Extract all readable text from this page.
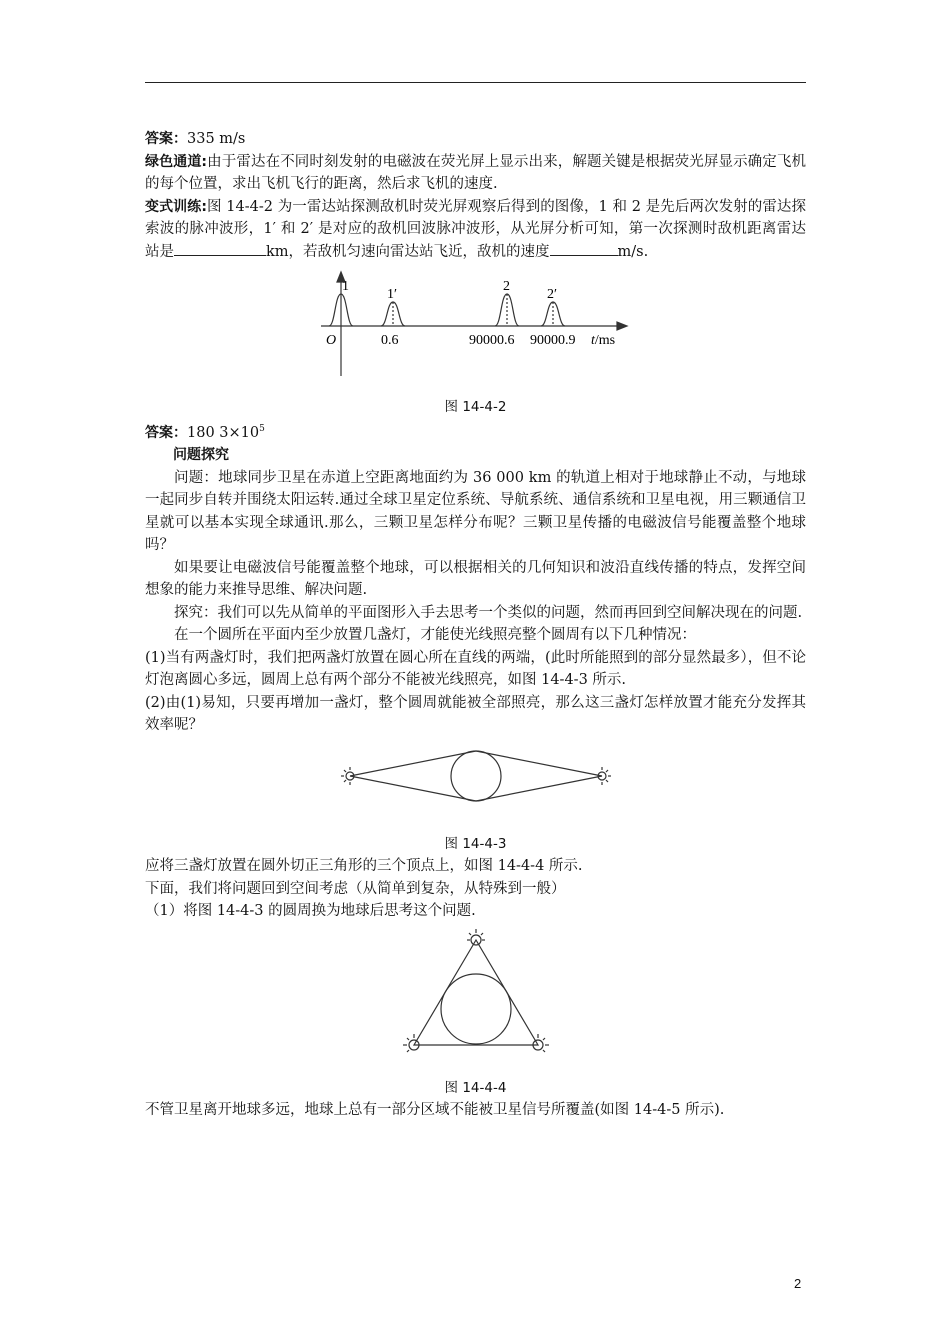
答案：335 m/s

绿色通道:由于雷达在不同时刻发射的电磁波在荧光屏上显示出来，解题关键是根据荧光屏显示确定飞机的每个位置，求出飞机飞行的距离，然后求飞机的速度.

变式训练:图 14-4-2 为一雷达站探测敌机时荧光屏观察后得到的图像，1 和 2 是先后两次发射的雷达探索波的脉冲波形，1′ 和 2′ 是对应的敌机回波脉冲波形，从光屏分析可知，第一次探测时敌机距离雷达站是	km，若敌机匀速向雷达站飞近，敌机的速度	m/s.

1
1′
2
2′
O	0.6	90000.6 90000.9 t/ms
图 14-4-2

答案：180 $3\times 10^5$

问题探究

问题：地球同步卫星在赤道上空距离地面约为 36 000 km 的轨道上相对于地球静止不动，与地球一起同步自转并围绕太阳运转.通过全球卫星定位系统、导航系统、通信系统和卫星电视，用三颗通信卫星就可以基本实现全球通讯.那么，三颗卫星怎样分布呢？三颗卫星传播的电磁波信号能覆盖整个地球吗？

如果要让电磁波信号能覆盖整个地球，可以根据相关的几何知识和波沿直线传播的特点，发挥空间想象的能力来推导思维、解决问题.

探究：我们可以先从简单的平面图形入手去思考一个类似的问题，然而再回到空间解决现在的问题.

在一个圆所在平面内至少放置几盏灯，才能使光线照亮整个圆周有以下几种情况：

(1)当有两盏灯时，我们把两盏灯放置在圆心所在直线的两端，(此时所能照到的部分显然最多），但不论灯泡离圆心多远，圆周上总有两个部分不能被光线照亮，如图 14-4-3 所示.

(2)由(1)易知，只要再增加一盏灯，整个圆周就能被全部照亮，那么这三盏灯怎样放置才能充分发挥其效率呢？

图 14-4-3

应将三盏灯放置在圆外切正三角形的三个顶点上，如图 14-4-4 所示.

下面，我们将问题回到空间考虑（从简单到复杂，从特殊到一般）

（1）将图 14-4-3 的圆周换为地球后思考这个问题.

图 14-4-4

不管卫星离开地球多远，地球上总有一部分区域不能被卫星信号所覆盖(如图 14-4-5 所示).

2
